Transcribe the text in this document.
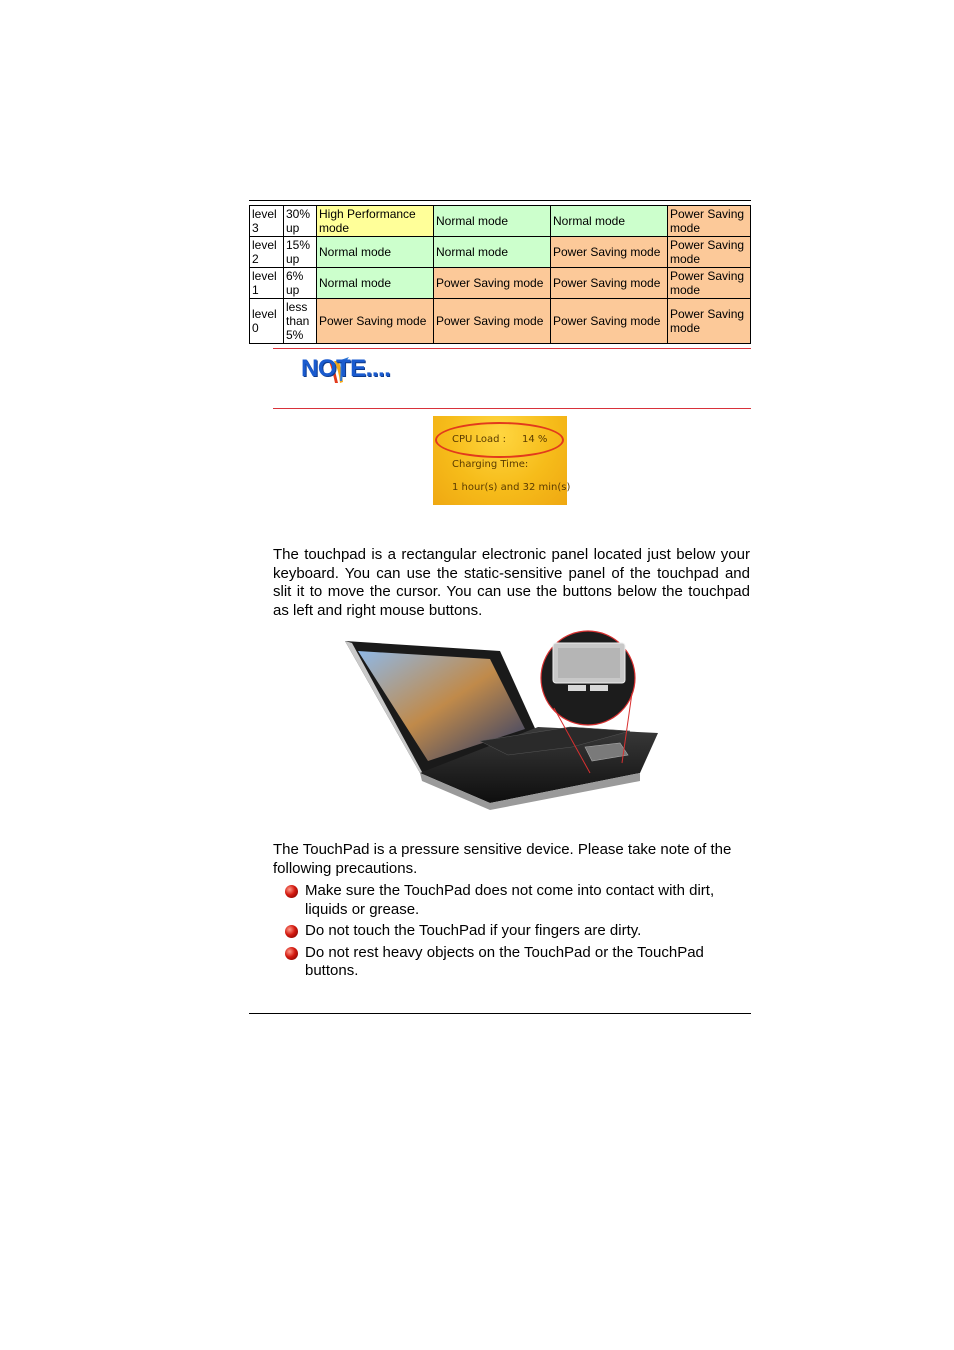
level 3	30% up	High Performance mode	Normal mode	Normal mode	Power Saving mode
level 2	15% up	Normal mode	Normal mode	Power Saving mode	Power Saving mode
level 1	6% up	Normal mode	Power Saving mode	Power Saving mode	Power Saving mode
level 0	less than 5%	Power Saving mode	Power Saving mode	Power Saving mode	Power Saving mode
NOTE....
CPU Load : 14 %
Charging Time:
1 hour(s) and 32 min(s)
The touchpad is a rectangular electronic panel located just below your keyboard. You can use the static-sensitive panel of the touchpad and slit it to move the cursor. You can use the buttons below the touchpad as left and right mouse buttons.
The TouchPad is a pressure sensitive device. Please take note of the following precautions.
Make sure the TouchPad does not come into contact with dirt, liquids or grease.
Do not touch the TouchPad if your fingers are dirty.
Do not rest heavy objects on the TouchPad or the TouchPad buttons.
